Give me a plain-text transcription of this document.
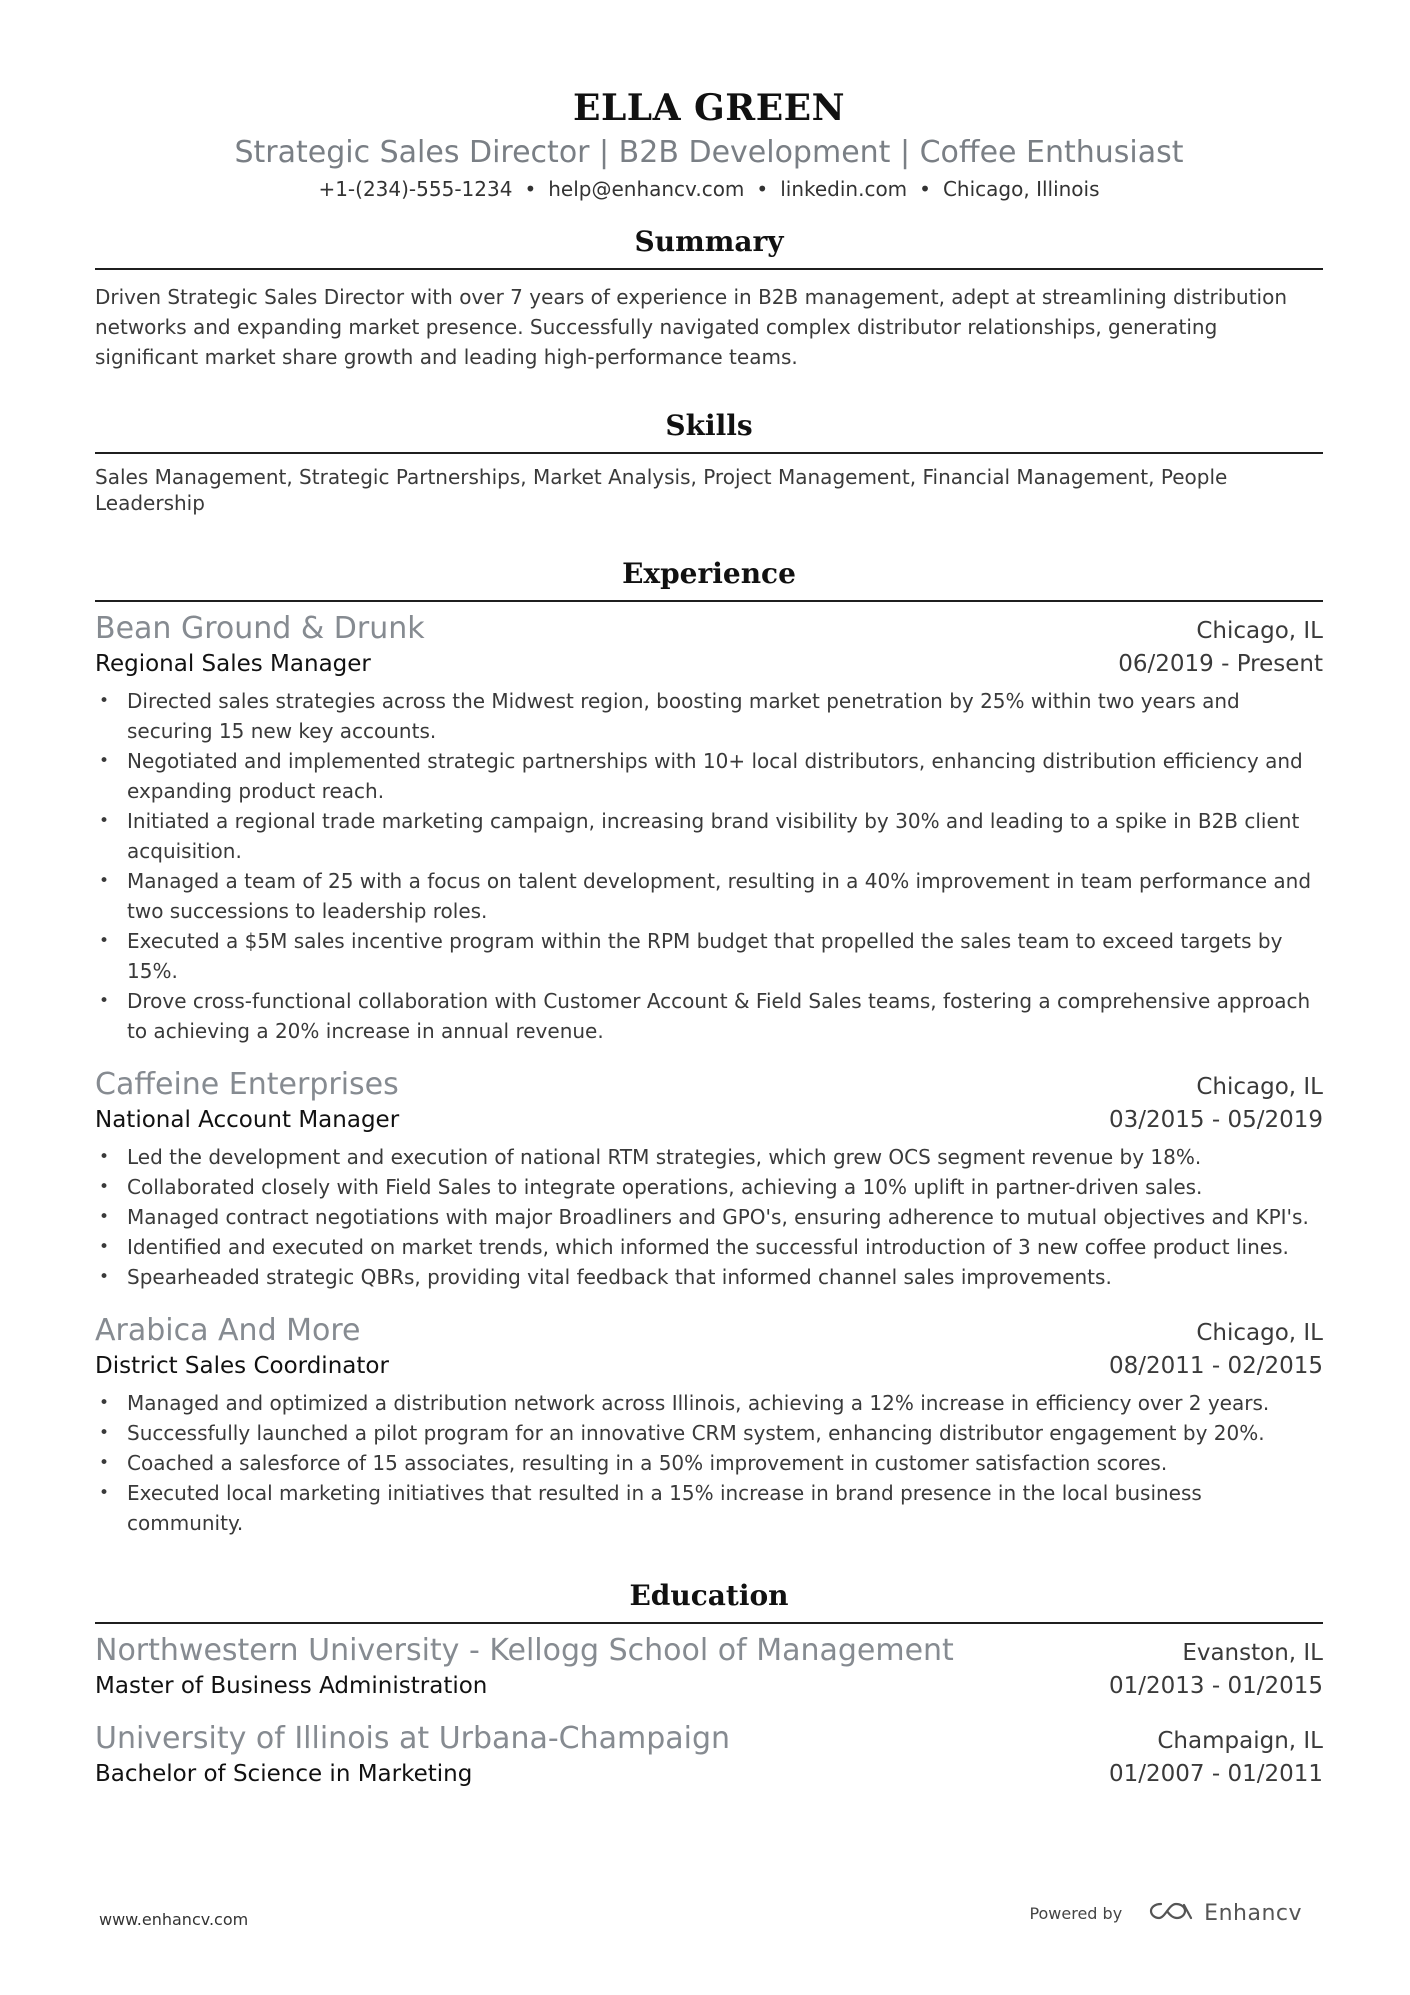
ELLA GREEN
Strategic Sales Director | B2B Development | Coffee Enthusiast
+1-(234)-555-1234 • help@enhancv.com • linkedin.com • Chicago, Illinois
Summary
Driven Strategic Sales Director with over 7 years of experience in B2B management, adept at streamlining distribution networks and expanding market presence. Successfully navigated complex distributor relationships, generating significant market share growth and leading high-performance teams.
Skills
Sales Management, Strategic Partnerships, Market Analysis, Project Management, Financial Management, People Leadership
Experience
Bean Ground & Drunk	Chicago, IL
Regional Sales Manager	06/2019 - Present
• Directed sales strategies across the Midwest region, boosting market penetration by 25% within two years and securing 15 new key accounts.
• Negotiated and implemented strategic partnerships with 10+ local distributors, enhancing distribution efficiency and expanding product reach.
• Initiated a regional trade marketing campaign, increasing brand visibility by 30% and leading to a spike in B2B client acquisition.
• Managed a team of 25 with a focus on talent development, resulting in a 40% improvement in team performance and two successions to leadership roles.
• Executed a $5M sales incentive program within the RPM budget that propelled the sales team to exceed targets by 15%.
• Drove cross-functional collaboration with Customer Account & Field Sales teams, fostering a comprehensive approach to achieving a 20% increase in annual revenue.
Caffeine Enterprises	Chicago, IL
National Account Manager	03/2015 - 05/2019
• Led the development and execution of national RTM strategies, which grew OCS segment revenue by 18%.
• Collaborated closely with Field Sales to integrate operations, achieving a 10% uplift in partner-driven sales.
• Managed contract negotiations with major Broadliners and GPO's, ensuring adherence to mutual objectives and KPI's.
• Identified and executed on market trends, which informed the successful introduction of 3 new coffee product lines.
• Spearheaded strategic QBRs, providing vital feedback that informed channel sales improvements.
Arabica And More	Chicago, IL
District Sales Coordinator	08/2011 - 02/2015
• Managed and optimized a distribution network across Illinois, achieving a 12% increase in efficiency over 2 years.
• Successfully launched a pilot program for an innovative CRM system, enhancing distributor engagement by 20%.
• Coached a salesforce of 15 associates, resulting in a 50% improvement in customer satisfaction scores.
• Executed local marketing initiatives that resulted in a 15% increase in brand presence in the local business community.
Education
Northwestern University - Kellogg School of Management	Evanston, IL
Master of Business Administration	01/2013 - 01/2015
University of Illinois at Urbana-Champaign	Champaign, IL
Bachelor of Science in Marketing	01/2007 - 01/2011
www.enhancv.com	Powered by	Enhancv
